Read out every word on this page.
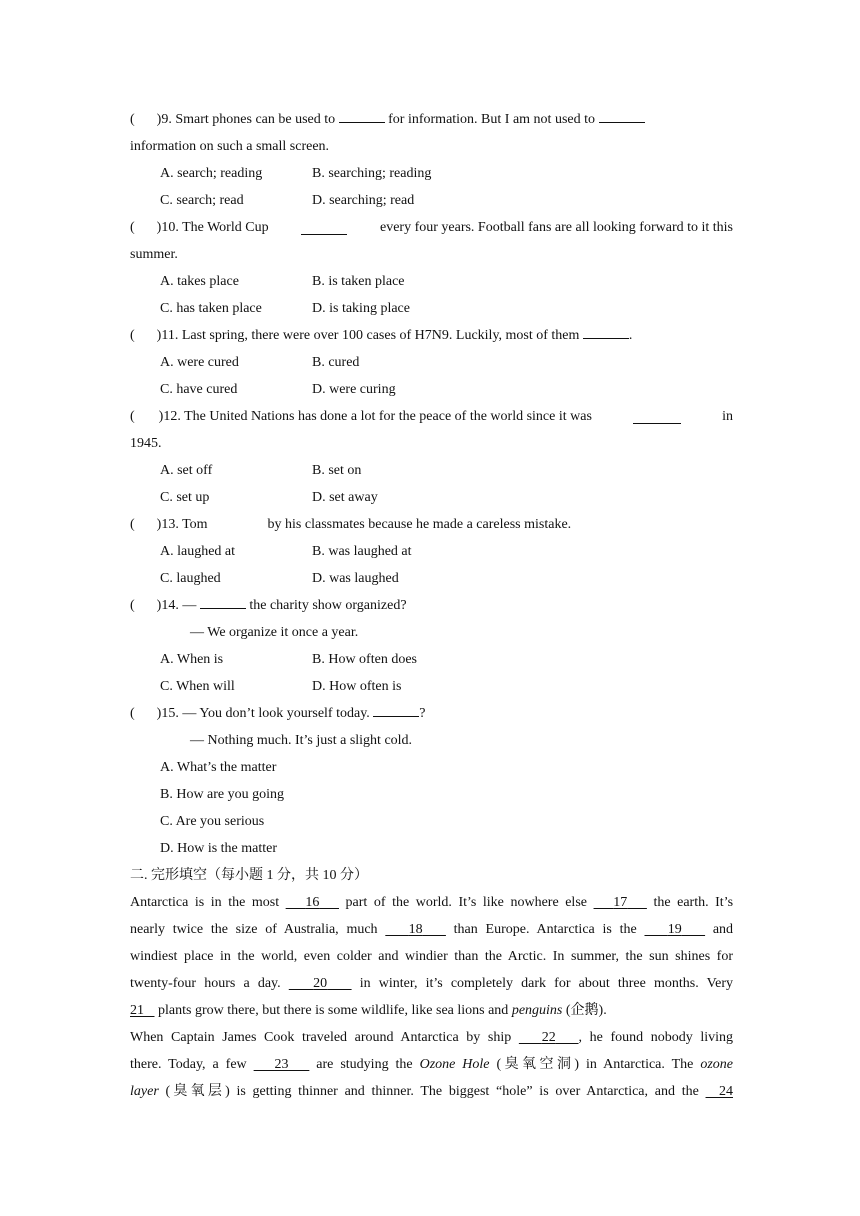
( )9. Smart phones can be used to	for information. But I am not used to
information on such a small screen.
A. search; reading	B. searching; reading
C. search; read	D. searching; read
( )10. The World Cup	every four years. Football fans are all looking forward to it this
summer.
A. takes place	B. is taken place
C. has taken place	D. is taking place
( )11. Last spring, there were over 100 cases of H7N9. Luckily, most of them	.
A. were cured	B. cured
C. have cured	D. were curing
( )12. The United Nations has done a lot for the peace of the world since it was	in
1945.
A. set off	B. set on
C. set up	D. set away
( )13. Tom	by his classmates because he made a careless mistake.
A. laughed at	B. was laughed at
C. laughed	D. was laughed
( )14. —	the charity show organized?
— We organize it once a year.
A. When is	B. How often does
C. When will	D. How often is
( )15. — You don’t look yourself today.	?
— Nothing much. It’s just a slight cold.
A. What’s the matter
B. How are you going
C. Are you serious
D. How is the matter
二. 完形填空（每小题 1 分，共 10 分）
Antarctica is in the most 16 part of the world. It’s like nowhere else 17 the earth. It’s
nearly twice the size of Australia, much 18 than Europe. Antarctica is the 19 and
windiest place in the world, even colder and windier than the Arctic. In summer, the sun shines for
twenty-four hours a day. 20 in winter, it’s completely dark for about three months. Very
21 plants grow there, but there is some wildlife, like sea lions and penguins (企鹅).
When Captain James Cook traveled around Antarctica by ship 22 , he found nobody living
there. Today, a few 23 are studying the Ozone Hole (臭氧空洞) in Antarctica. The ozone
layer (臭氧层) is getting thinner and thinner. The biggest “hole” is over Antarctica, and the 24
